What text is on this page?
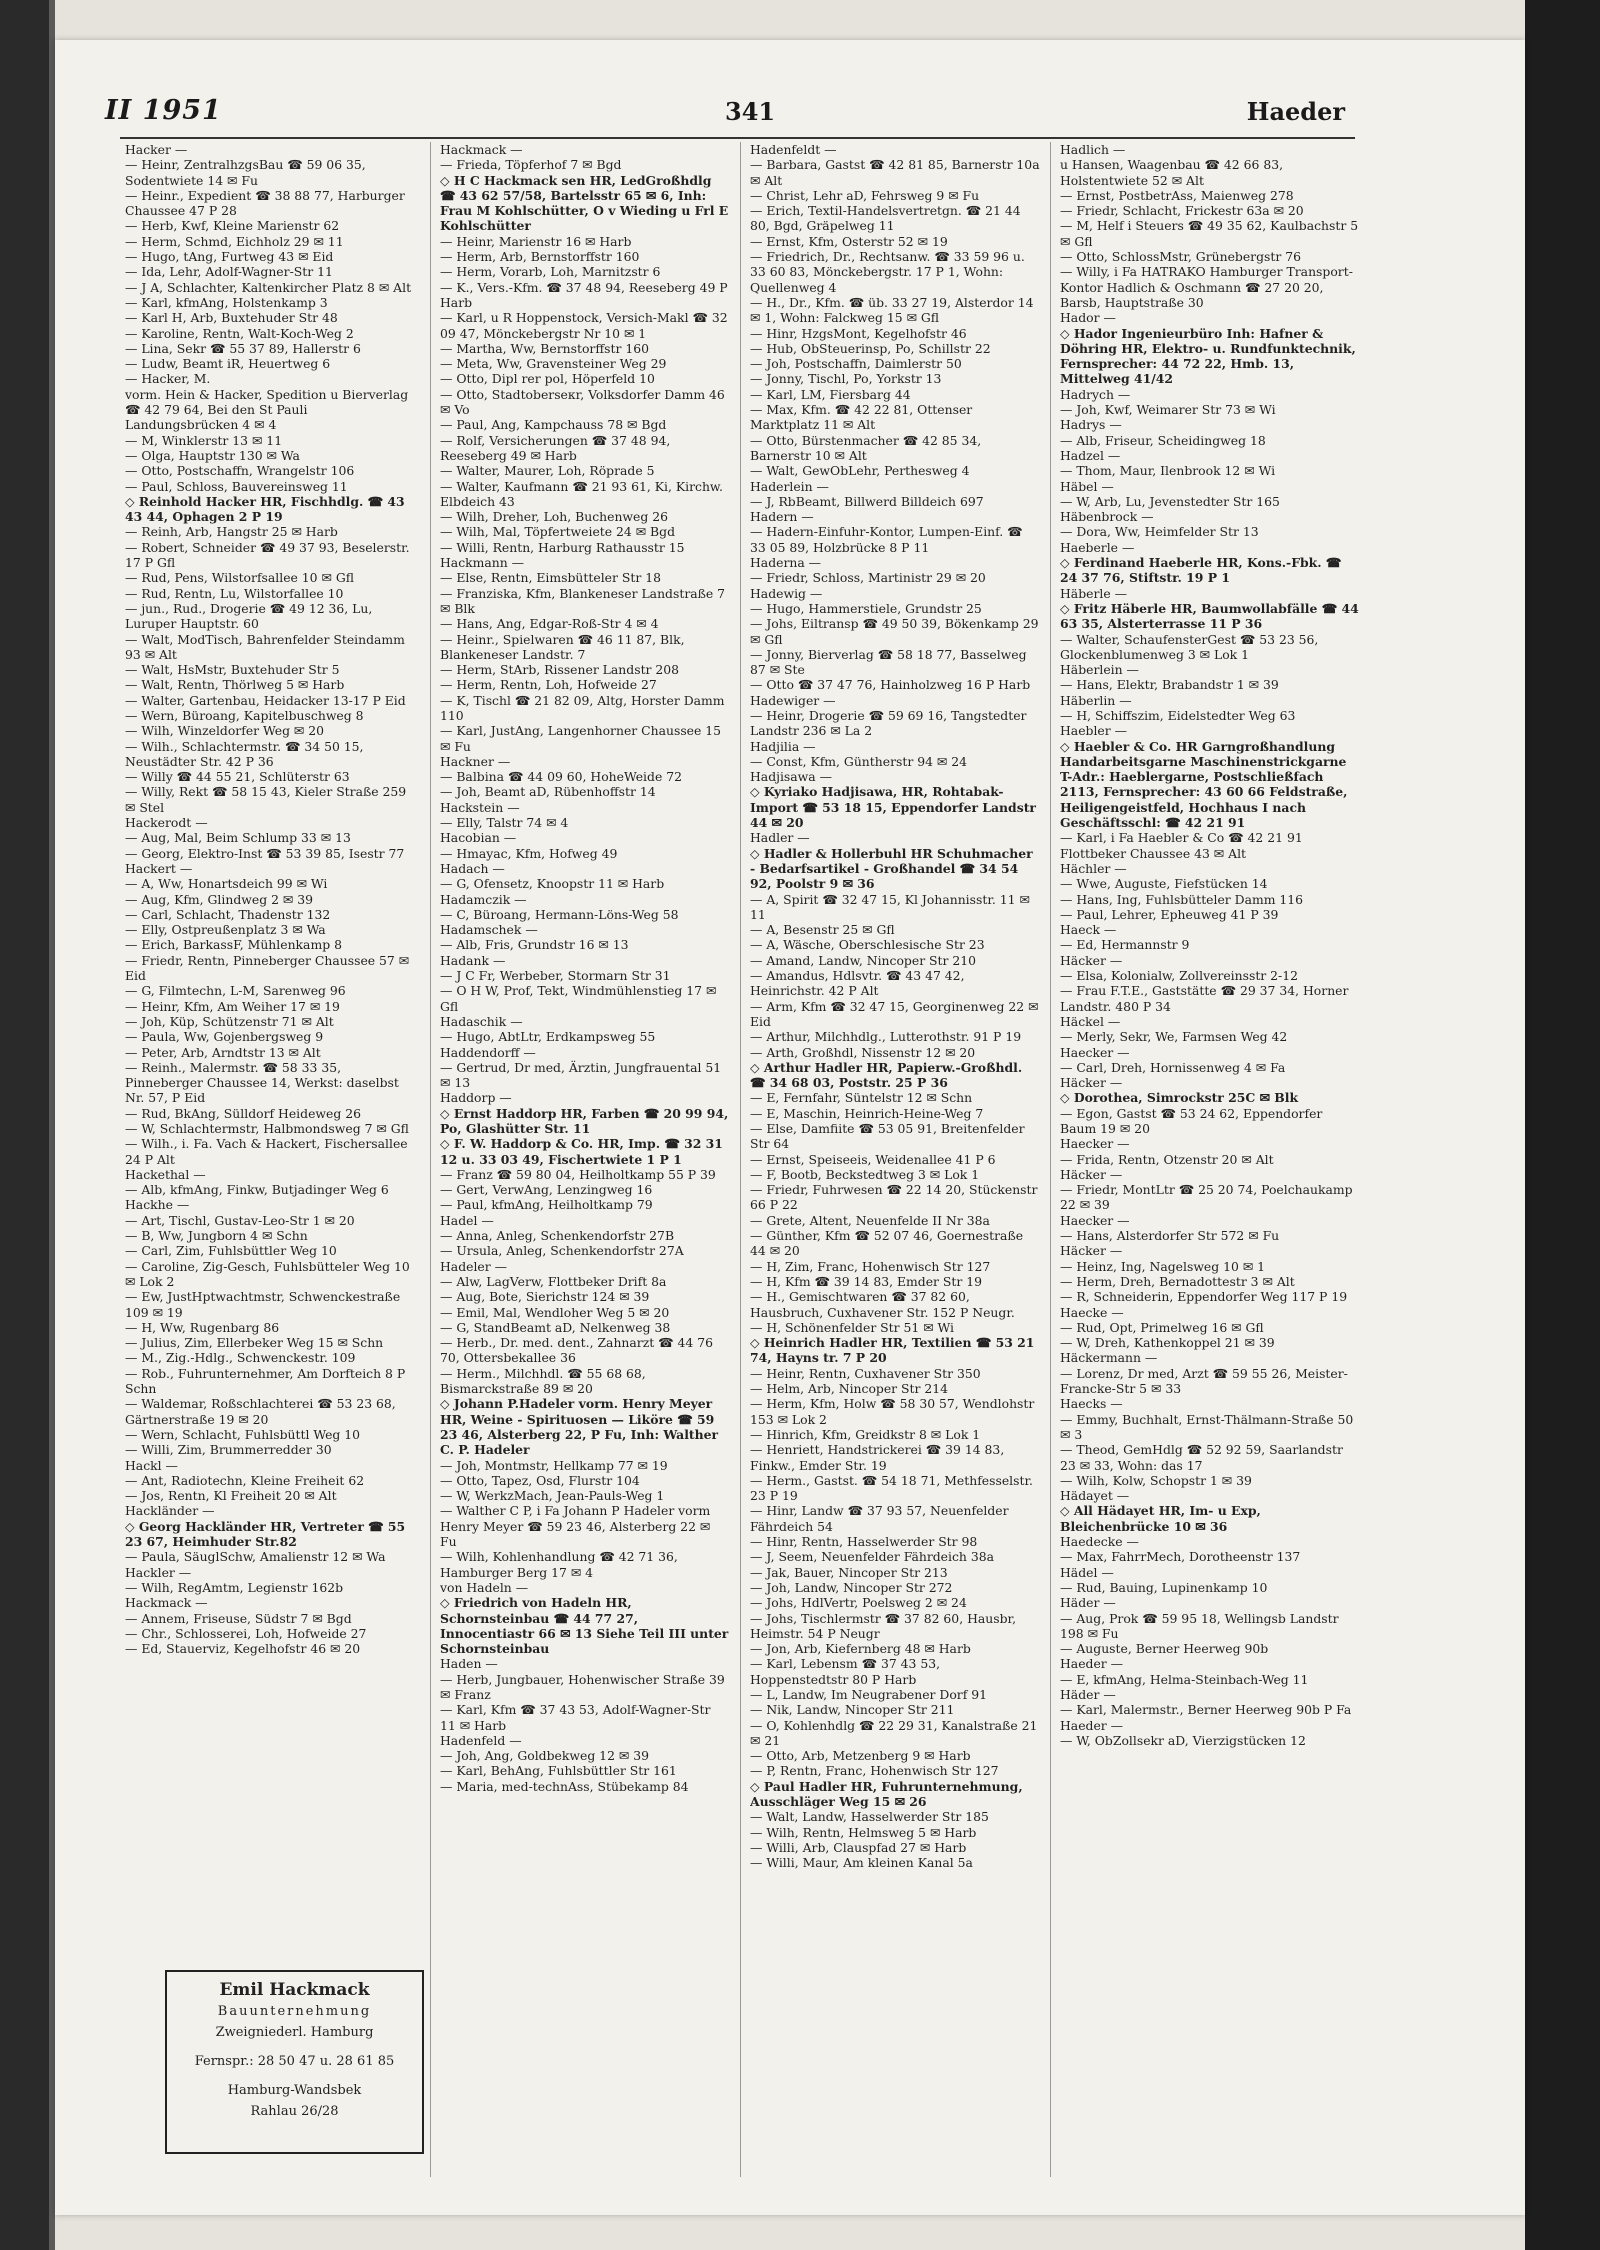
II 1951	341	Haeder

Hacker —

— Heinr, ZentralhzgsBau ☎ 59 06 35, Sodentwiete 14 ✉ Fu

— Heinr., Expedient ☎ 38 88 77, Harburger Chaussee 47 P 28

— Herb, Kwf, Kleine Marienstr 62

— Herm, Schmd, Eichholz 29 ✉ 11

— Hugo, tAng, Furtweg 43 ✉ Eid

— Ida, Lehr, Adolf-Wagner-Str 11

— J A, Schlachter, Kaltenkircher Platz 8 ✉ Alt

— Karl, kfmAng, Holstenkamp 3

— Karl H, Arb, Buxtehuder Str 48

— Karoline, Rentn, Walt-Koch-Weg 2

— Lina, Sekr ☎ 55 37 89, Hallerstr 6

— Ludw, Beamt iR, Heuertweg 6

— Hacker, M.

vorm. Hein & Hacker, Spedition u Bierverlag ☎ 42 79 64, Bei den St Pauli Landungsbrücken 4 ✉ 4

— M, Winklerstr 13 ✉ 11

— Olga, Hauptstr 130 ✉ Wa

— Otto, Postschaffn, Wrangelstr 106

— Paul, Schloss, Bauvereinsweg 11

◇ Reinhold Hacker HR, Fischhdlg. ☎ 43 43 44, Ophagen 2 P 19

— Reinh, Arb, Hangstr 25 ✉ Harb

— Robert, Schneider ☎ 49 37 93, Beselerstr. 17 P Gfl

— Rud, Pens, Wilstorfsallee 10 ✉ Gfl

— Rud, Rentn, Lu, Wilstorfallee 10

— jun., Rud., Drogerie ☎ 49 12 36, Lu, Luruper Hauptstr. 60

— Walt, ModTisch, Bahrenfelder Steindamm 93 ✉ Alt

— Walt, HsMstr, Buxtehuder Str 5

— Walt, Rentn, Thörlweg 5 ✉ Harb

— Walter, Gartenbau, Heidacker 13-17 P Eid

— Wern, Büroang, Kapitelbuschweg 8

— Wilh, Winzeldorfer Weg ✉ 20

— Wilh., Schlachtermstr. ☎ 34 50 15, Neustädter Str. 42 P 36

— Willy ☎ 44 55 21, Schlüterstr 63

— Willy, Rekt ☎ 58 15 43, Kieler Straße 259 ✉ Stel

Hackerodt —

— Aug, Mal, Beim Schlump 33 ✉ 13

— Georg, Elektro-Inst ☎ 53 39 85, Isestr 77

Hackert —

— A, Ww, Honartsdeich 99 ✉ Wi

— Aug, Kfm, Glindweg 2 ✉ 39

— Carl, Schlacht, Thadenstr 132

— Elly, Ostpreußenplatz 3 ✉ Wa

— Erich, BarkassF, Mühlenkamp 8

— Friedr, Rentn, Pinneberger Chaussee 57 ✉ Eid

— G, Filmtechn, L-M, Sarenweg 96

— Heinr, Kfm, Am Weiher 17 ✉ 19

— Joh, Küp, Schützenstr 71 ✉ Alt

— Paula, Ww, Gojenbergsweg 9

— Peter, Arb, Arndtstr 13 ✉ Alt

— Reinh., Malermstr. ☎ 58 33 35, Pinneberger Chaussee 14, Werkst: daselbst Nr. 57, P Eid

— Rud, BkAng, Sülldorf Heideweg 26

— W, Schlachtermstr, Halbmondsweg 7 ✉ Gfl

— Wilh., i. Fa. Vach & Hackert, Fischersallee 24 P Alt

Hackethal —

— Alb, kfmAng, Finkw, Butjadinger Weg 6

Hackhe —

— Art, Tischl, Gustav-Leo-Str 1 ✉ 20

— B, Ww, Jungborn 4 ✉ Schn

— Carl, Zim, Fuhlsbüttler Weg 10

— Caroline, Zig-Gesch, Fuhlsbütteler Weg 10 ✉ Lok 2

— Ew, JustHptwachtmstr, Schwenckestraße 109 ✉ 19

— H, Ww, Rugenbarg 86

— Julius, Zim, Ellerbeker Weg 15 ✉ Schn

— M., Zig.-Hdlg., Schwenckestr. 109

— Rob., Fuhrunternehmer, Am Dorfteich 8 P Schn

— Waldemar, Roßschlachterei ☎ 53 23 68, Gärtnerstraße 19 ✉ 20

— Wern, Schlacht, Fuhlsbüttl Weg 10

— Willi, Zim, Brummerredder 30

Hackl —

— Ant, Radiotechn, Kleine Freiheit 62

— Jos, Rentn, Kl Freiheit 20 ✉ Alt

Hackländer —

◇ Georg Hackländer HR, Vertreter ☎ 55 23 67, Heimhuder Str.82

— Paula, SäuglSchw, Amalienstr 12 ✉ Wa

Hackler —

— Wilh, RegAmtm, Legienstr 162b

Hackmack —

— Annem, Friseuse, Südstr 7 ✉ Bgd

— Chr., Schlosserei, Loh, Hofweide 27

— Ed, Stauerviz, Kegelhofstr 46 ✉ 20

Hackmack —

— Frieda, Töpferhof 7 ✉ Bgd

◇ H C Hackmack sen HR, LedGroßhdlg ☎ 43 62 57/58, Bartelsstr 65 ✉ 6, Inh: Frau M Kohlschütter, O v Wieding u Frl E Kohlschütter

— Heinr, Marienstr 16 ✉ Harb

— Herm, Arb, Bernstorffstr 160

— Herm, Vorarb, Loh, Marnitzstr 6

— K., Vers.-Kfm. ☎ 37 48 94, Reeseberg 49 P Harb

— Karl, u R Hoppenstock, Versich-Makl ☎ 32 09 47, Mönckebergstr Nr 10 ✉ 1

— Martha, Ww, Bernstorffstr 160

— Meta, Ww, Gravensteiner Weg 29

— Otto, Dipl rer pol, Höperfeld 10

— Otto, Stadtoberseкr, Volksdorfer Damm 46 ✉ Vo

— Paul, Ang, Kampchauss 78 ✉ Bgd

— Rolf, Versicherungen ☎ 37 48 94, Reeseberg 49 ✉ Harb

— Walter, Maurer, Loh, Röprade 5

— Walter, Kaufmann ☎ 21 93 61, Ki, Kirchw. Elbdeich 43

— Wilh, Dreher, Loh, Buchenweg 26

— Wilh, Mal, Töpfertweiete 24 ✉ Bgd

— Willi, Rentn, Harburg Rathausstr 15

Hackmann —

— Else, Rentn, Eimsbütteler Str 18

— Franziska, Kfm, Blankeneser Landstraße 7 ✉ Blk

— Hans, Ang, Edgar-Roß-Str 4 ✉ 4

— Heinr., Spielwaren ☎ 46 11 87, Blk, Blankeneser Landstr. 7

— Herm, StArb, Rissener Landstr 208

— Herm, Rentn, Loh, Hofweide 27

— K, Tischl ☎ 21 82 09, Altg, Horster Damm 110

— Karl, JustAng, Langenhorner Chaussee 15 ✉ Fu

Hackner —

— Balbina ☎ 44 09 60, HoheWeide 72

— Joh, Beamt aD, Rübenhoffstr 14

Hackstein —

— Elly, Talstr 74 ✉ 4

Hacobian —

— Hmayac, Kfm, Hofweg 49

Hadach —

— G, Ofensetz, Knoopstr 11 ✉ Harb

Hadamczik —

— C, Büroang, Hermann-Löns-Weg 58

Hadamschek —

— Alb, Fris, Grundstr 16 ✉ 13

Hadank —

— J C Fr, Werbeber, Stormarn Str 31

— O H W, Prof, Tekt, Windmühlenstieg 17 ✉ Gfl

Hadaschik —

— Hugo, AbtLtr, Erdkampsweg 55

Haddendorff —

— Gertrud, Dr med, Ärztin, Jungfrauental 51 ✉ 13

Haddorp —

◇ Ernst Haddorp HR, Farben ☎ 20 99 94, Po, Glashütter Str. 11

◇ F. W. Haddorp & Co. HR, Imp. ☎ 32 31 12 u. 33 03 49, Fischertwiete 1 P 1

— Franz ☎ 59 80 04, Heilholtkamp 55 P 39

— Gert, VerwAng, Lenzingweg 16

— Paul, kfmAng, Heilholtkamp 79

Hadel —

— Anna, Anleg, Schenkendorfstr 27B

— Ursula, Anleg, Schenkendorfstr 27A

Hadeler —

— Alw, LagVerw, Flottbeker Drift 8a

— Aug, Bote, Sierichstr 124 ✉ 39

— Emil, Mal, Wendloher Weg 5 ✉ 20

— G, StandBeamt aD, Nelkenweg 38

— Herb., Dr. med. dent., Zahnarzt ☎ 44 76 70, Ottersbekallee 36

— Herm., Milchhdl. ☎ 55 68 68, Bismarckstraße 89 ✉ 20

◇ Johann P.Hadeler vorm. Henry Meyer HR, Weine - Spirituosen — Liköre ☎ 59 23 46, Alsterberg 22, P Fu, Inh: Walther C. P. Hadeler

— Joh, Montmstr, Hellkamp 77 ✉ 19

— Otto, Tapez, Osd, Flurstr 104

— W, WerkzMach, Jean-Pauls-Weg 1

— Walther C P, i Fa Johann P Hadeler vorm Henry Meyer ☎ 59 23 46, Alsterberg 22 ✉ Fu

— Wilh, Kohlenhandlung ☎ 42 71 36, Hamburger Berg 17 ✉ 4

von Hadeln —

◇ Friedrich von Hadeln HR, Schornsteinbau ☎ 44 77 27, Innocentiastr 66 ✉ 13 Siehe Teil III unter Schornsteinbau

Haden —

— Herb, Jungbauer, Hohenwischer Straße 39 ✉ Franz

— Karl, Kfm ☎ 37 43 53, Adolf-Wagner-Str 11 ✉ Harb

Hadenfeld —

— Joh, Ang, Goldbekweg 12 ✉ 39

— Karl, BehAng, Fuhlsbüttler Str 161

— Maria, med-technAss, Stübekamp 84

Hadenfeldt —

— Barbara, Gastst ☎ 42 81 85, Barnerstr 10a ✉ Alt

— Christ, Lehr aD, Fehrsweg 9 ✉ Fu

— Erich, Textil-Handelsvertretgn. ☎ 21 44 80, Bgd, Gräpelweg 11

— Ernst, Kfm, Osterstr 52 ✉ 19

— Friedrich, Dr., Rechtsanw. ☎ 33 59 96 u. 33 60 83, Mönckebergstr. 17 P 1, Wohn: Quellenweg 4

— H., Dr., Kfm. ☎ üb. 33 27 19, Alsterdor 14 ✉ 1, Wohn: Falckweg 15 ✉ Gfl

— Hinr, HzgsMont, Kegelhofstr 46

— Hub, ObSteuerinsp, Po, Schillstr 22

— Joh, Postschaffn, Daimlerstr 50

— Jonny, Tischl, Po, Yorkstr 13

— Karl, LM, Fiersbarg 44

— Max, Kfm. ☎ 42 22 81, Ottenser Marktplatz 11 ✉ Alt

— Otto, Bürstenmacher ☎ 42 85 34, Barnerstr 10 ✉ Alt

— Walt, GewObLehr, Perthesweg 4

Haderlein —

— J, RbBeamt, Billwerd Billdeich 697

Hadern —

— Hadern-Einfuhr-Kontor, Lumpen-Einf. ☎ 33 05 89, Holzbrücke 8 P 11

Haderna —

— Friedr, Schloss, Martinistr 29 ✉ 20

Hadewig —

— Hugo, Hammerstiele, Grundstr 25

— Johs, Eiltransp ☎ 49 50 39, Bökenkamp 29 ✉ Gfl

— Jonny, Bierverlag ☎ 58 18 77, Basselweg 87 ✉ Ste

— Otto ☎ 37 47 76, Hainholzweg 16 P Harb

Hadewiger —

— Heinr, Drogerie ☎ 59 69 16, Tangstedter Landstr 236 ✉ La 2

Hadjilia —

— Const, Kfm, Güntherstr 94 ✉ 24

Hadjisawa —

◇ Kyriako Hadjisawa, HR, Rohtabak-Import ☎ 53 18 15, Eppendorfer Landstr 44 ✉ 20

Hadler —

◇ Hadler & Hollerbuhl HR Schuhmacher - Bedarfsartikel - Großhandel ☎ 34 54 92, Poolstr 9 ✉ 36

— A, Spirit ☎ 32 47 15, Kl Johannisstr. 11 ✉ 11

— A, Besenstr 25 ✉ Gfl

— A, Wäsche, Oberschlesische Str 23

— Amand, Landw, Nincoper Str 210

— Amandus, Hdlsvtr. ☎ 43 47 42, Heinrichstr. 42 P Alt

— Arm, Kfm ☎ 32 47 15, Georginenweg 22 ✉ Eid

— Arthur, Milchhdlg., Lutterothstr. 91 P 19

— Arth, Großhdl, Nissenstr 12 ✉ 20

◇ Arthur Hadler HR, Papierw.-Großhdl. ☎ 34 68 03, Poststr. 25 P 36

— E, Fernfahr, Süntelstr 12 ✉ Schn

— E, Maschin, Heinrich-Heine-Weg 7

— Else, Damfiite ☎ 53 05 91, Breitenfelder Str 64

— Ernst, Speiseeis, Weidenallee 41 P 6

— F, Bootb, Beckstedtweg 3 ✉ Lok 1

— Friedr, Fuhrwesen ☎ 22 14 20, Stückenstr 66 P 22

— Grete, Altent, Neuenfelde II Nr 38a

— Günther, Kfm ☎ 52 07 46, Goernestraße 44 ✉ 20

— H, Zim, Franc, Hohenwisch Str 127

— H, Kfm ☎ 39 14 83, Emder Str 19

— H., Gemischtwaren ☎ 37 82 60, Hausbruch, Cuxhavener Str. 152 P Neugr.

— H, Schönenfelder Str 51 ✉ Wi

◇ Heinrich Hadler HR, Textilien ☎ 53 21 74, Hayns tr. 7 P 20

— Heinr, Rentn, Cuxhavener Str 350

— Helm, Arb, Nincoper Str 214

— Herm, Kfm, Holw ☎ 58 30 57, Wendlohstr 153 ✉ Lok 2

— Hinrich, Kfm, Greidkstr 8 ✉ Lok 1

— Henriett, Handstrickerei ☎ 39 14 83, Finkw., Emder Str. 19

— Herm., Gastst. ☎ 54 18 71, Methfesselstr. 23 P 19

— Hinr, Landw ☎ 37 93 57, Neuenfelder Fährdeich 54

— Hinr, Rentn, Hasselwerder Str 98

— J, Seem, Neuenfelder Fährdeich 38a

— Jak, Bauer, Nincoper Str 213

— Joh, Landw, Nincoper Str 272

— Johs, HdlVertr, Poelsweg 2 ✉ 24

— Johs, Tischlermstr ☎ 37 82 60, Hausbr, Heimstr. 54 P Neugr

— Jon, Arb, Kiefernberg 48 ✉ Harb

— Karl, Lebensm ☎ 37 43 53, Hoppenstedtstr 80 P Harb

— L, Landw, Im Neugrabener Dorf 91

— Nik, Landw, Nincoper Str 211

— O, Kohlenhdlg ☎ 22 29 31, Kanalstraße 21 ✉ 21

— Otto, Arb, Metzenberg 9 ✉ Harb

— P, Rentn, Franc, Hohenwisch Str 127

◇ Paul Hadler HR, Fuhrunternehmung, Ausschläger Weg 15 ✉ 26

— Walt, Landw, Hasselwerder Str 185

— Wilh, Rentn, Helmsweg 5 ✉ Harb

— Willi, Arb, Clauspfad 27 ✉ Harb

— Willi, Maur, Am kleinen Kanal 5a

Hadlich —

u Hansen, Waagenbau ☎ 42 66 83, Holstentwiete 52 ✉ Alt

— Ernst, PostbetrAss, Maienweg 278

— Friedr, Schlacht, Frickestr 63a ✉ 20

— M, Helf i Steuers ☎ 49 35 62, Kaulbachstr 5 ✉ Gfl

— Otto, SchlossMstr, Grünebergstr 76

— Willy, i Fa HATRAKO Hamburger Transport-Kontor Hadlich & Oschmann ☎ 27 20 20, Barsb, Hauptstraße 30

Hador —

◇ Hador Ingenieurbüro Inh: Hafner & Döhring HR, Elektro- u. Rundfunktechnik, Fernsprecher: 44 72 22, Hmb. 13, Mittelweg 41/42

Hadrych —

— Joh, Kwf, Weimarer Str 73 ✉ Wi

Hadrys —

— Alb, Friseur, Scheidingweg 18

Hadzel —

— Thom, Maur, Ilenbrook 12 ✉ Wi

Häbel —

— W, Arb, Lu, Jevenstedter Str 165

Häbenbrock —

— Dora, Ww, Heimfelder Str 13

Haeberle —

◇ Ferdinand Haeberle HR, Kons.-Fbk. ☎ 24 37 76, Stiftstr. 19 P 1

Häberle —

◇ Fritz Häberle HR, Baumwollabfälle ☎ 44 63 35, Alsterterrasse 11 P 36

— Walter, SchaufensterGest ☎ 53 23 56, Glockenblumenweg 3 ✉ Lok 1

Häberlein —

— Hans, Elektr, Brabandstr 1 ✉ 39

Häberlin —

— H, Schiffszim, Eidelstedter Weg 63

Haebler —

◇ Haebler & Co. HR Garngroßhandlung Handarbeitsgarne Maschinenstrickgarne T-Adr.: Haeblergarne, Postschließfach 2113, Fernsprecher: 43 60 66 Feldstraße, Heiligengeistfeld, Hochhaus I nach Geschäftsschl: ☎ 42 21 91

— Karl, i Fa Haebler & Co ☎ 42 21 91 Flottbeker Chaussee 43 ✉ Alt

Hächler —

— Wwe, Auguste, Fiefstücken 14

— Hans, Ing, Fuhlsbütteler Damm 116

— Paul, Lehrer, Epheuweg 41 P 39

Haeck —

— Ed, Hermannstr 9

Häcker —

— Elsa, Kolonialw, Zollvereinsstr 2-12

— Frau F.T.E., Gaststätte ☎ 29 37 34, Horner Landstr. 480 P 34

Häckel —

— Merly, Sekr, We, Farmsen Weg 42

Haecker —

— Carl, Dreh, Hornissenweg 4 ✉ Fa

Häcker —

◇ Dorothea, Simrockstr 25C ✉ Blk

— Egon, Gastst ☎ 53 24 62, Eppendorfer Baum 19 ✉ 20

Haecker —

— Frida, Rentn, Otzenstr 20 ✉ Alt

Häcker —

— Friedr, MontLtr ☎ 25 20 74, Poelchaukamp 22 ✉ 39

Haecker —

— Hans, Alsterdorfer Str 572 ✉ Fu

Häcker —

— Heinz, Ing, Nagelsweg 10 ✉ 1

— Herm, Dreh, Bernadottestr 3 ✉ Alt

— R, Schneiderin, Eppendorfer Weg 117 P 19

Haecke —

— Rud, Opt, Primelweg 16 ✉ Gfl

— W, Dreh, Kathenkoppel 21 ✉ 39

Häckermann —

— Lorenz, Dr med, Arzt ☎ 59 55 26, Meister-Francke-Str 5 ✉ 33

Haecks —

— Emmy, Buchhalt, Ernst-Thälmann-Straße 50 ✉ 3

— Theod, GemHdlg ☎ 52 92 59, Saarlandstr 23 ✉ 33, Wohn: das 17

— Wilh, Kolw, Schopstr 1 ✉ 39

Hädayet —

◇ All Hädayet HR, Im- u Exp, Bleichenbrücke 10 ✉ 36

Haedecke —

— Max, FahrrMech, Dorotheenstr 137

Hädel —

— Rud, Bauing, Lupinenkamp 10

Häder —

— Aug, Prok ☎ 59 95 18, Wellingsb Landstr 198 ✉ Fu

— Auguste, Berner Heerweg 90b

Haeder —

— E, kfmAng, Helma-Steinbach-Weg 11

Häder —

— Karl, Malermstr., Berner Heerweg 90b P Fa

Haeder —

— W, ObZollsekr aD, Vierzigstücken 12

Emil Hackmack
Bauunternehmung
Zweigniederl. Hamburg
Fernspr.: 28 50 47 u. 28 61 85
Hamburg-Wandsbek
Rahlau 26/28
